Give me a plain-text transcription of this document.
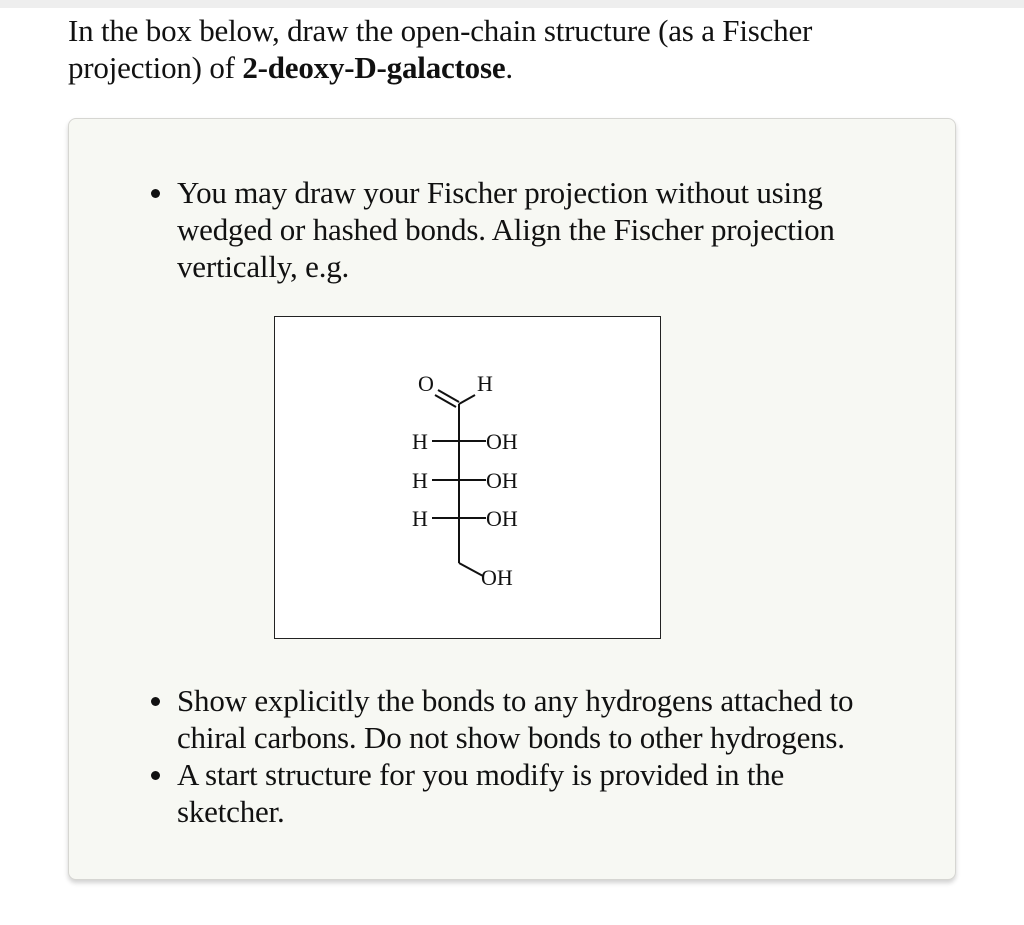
In the box below, draw the open-chain structure (as a Fischer projection) of 2-deoxy-D-galactose.
You may draw your Fischer projection without using wedged or hashed bonds. Align the Fischer projection vertically, e.g.
O H
H	OH
H	OH
H	OH
OH
Show explicitly the bonds to any hydrogens attached to chiral carbons. Do not show bonds to other hydrogens.
A start structure for you modify is provided in the sketcher.
